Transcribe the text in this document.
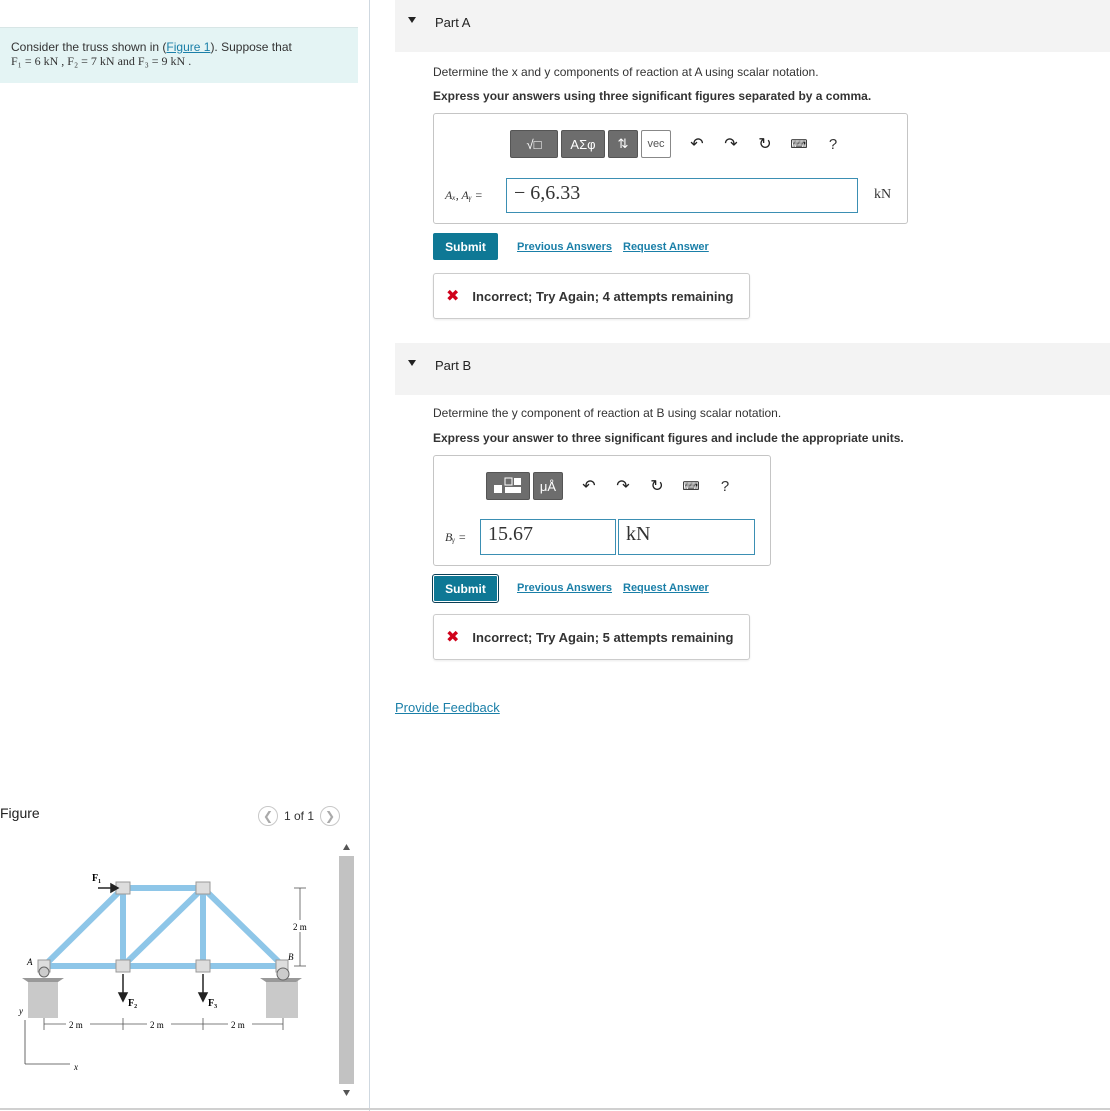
Consider the truss shown in (Figure 1). Suppose that
F₁ = 6 kN , F₂ = 7 kN and F₃ = 9 kN .
Figure	❮ 1 of 1 ❯
F₁
F₂	F₃
A	B
2 m	2 m	2 m
2 m
y
x
Part A
Determine the x and y components of reaction at A using scalar notation.
Express your answers using three significant figures separated by a comma.
√□	AΣφ	⇅	vec	↶ ↷ ↻	⌨	?
Aₓ, Aᵧ =	− 6,6.33	kN
Submit	Previous Answers Request Answer
✖ Incorrect; Try Again; 4 attempts remaining
Part B
Determine the y component of reaction at B using scalar notation.
Express your answer to three significant figures and include the appropriate units.
μÅ	↶ ↷ ↻	⌨	?
Bᵧ =	15.67	kN
Submit	Previous Answers Request Answer
✖ Incorrect; Try Again; 5 attempts remaining
Provide Feedback
